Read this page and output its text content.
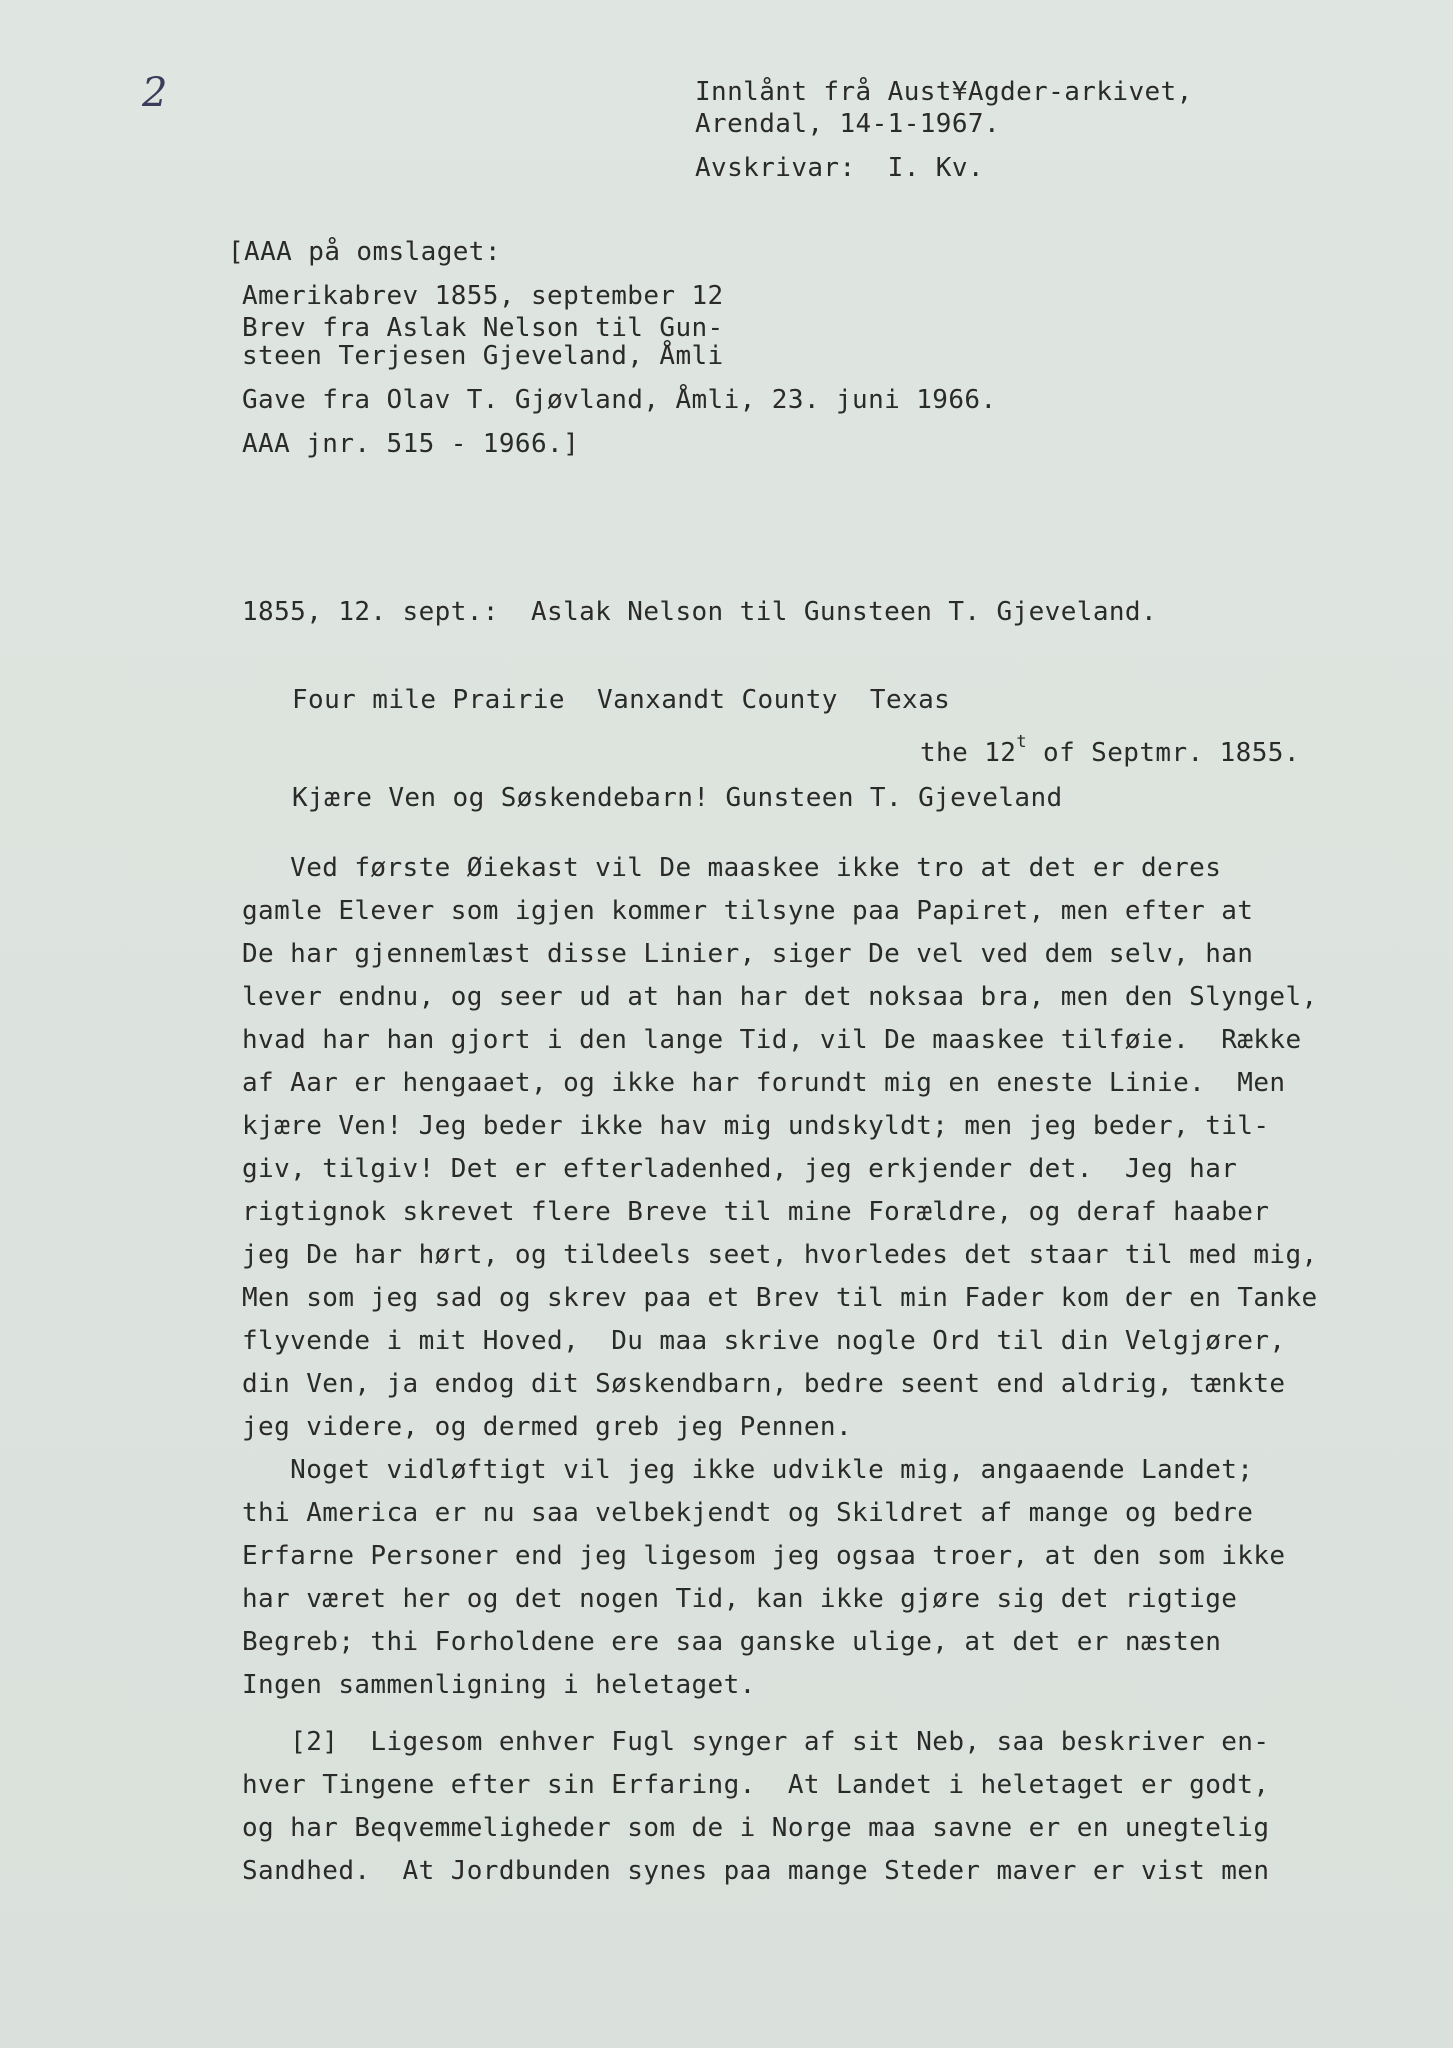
2	Innlånt frå Aust¥Agder-arkivet,
Arendal, 14-1-1967.
Avskrivar:  I. Kv.
[AAA på omslaget:
Amerikabrev 1855, september 12
Brev fra Aslak Nelson til Gun-
steen Terjesen Gjeveland, Åmli
Gave fra Olav T. Gjøvland, Åmli, 23. juni 1966.
AAA jnr. 515 - 1966.]
1855, 12. sept.:  Aslak Nelson til Gunsteen T. Gjeveland.
Four mile Prairie  Vanxandt County  Texas
the 12$^t$ of Septmr. 1855.
Kjære Ven og Søskendebarn! Gunsteen T. Gjeveland
Ved første Øiekast vil De maaskee ikke tro at det er deres
gamle Elever som igjen kommer tilsyne paa Papiret, men efter at
De har gjennemlæst disse Linier, siger De vel ved dem selv, han
lever endnu, og seer ud at han har det noksaa bra, men den Slyngel,
hvad har han gjort i den lange Tid, vil De maaskee tilføie.  Række
af Aar er hengaaet, og ikke har forundt mig en eneste Linie.  Men
kjære Ven! Jeg beder ikke hav mig undskyldt; men jeg beder, til-
giv, tilgiv! Det er efterladenhed, jeg erkjender det.  Jeg har
rigtignok skrevet flere Breve til mine Forældre, og deraf haaber
jeg De har hørt, og tildeels seet, hvorledes det staar til med mig,
Men som jeg sad og skrev paa et Brev til min Fader kom der en Tanke
flyvende i mit Hoved,  Du maa skrive nogle Ord til din Velgjører,
din Ven, ja endog dit Søskendbarn, bedre seent end aldrig, tænkte
jeg videre, og dermed greb jeg Pennen.
Noget vidløftigt vil jeg ikke udvikle mig, angaaende Landet;
thi America er nu saa velbekjendt og Skildret af mange og bedre
Erfarne Personer end jeg ligesom jeg ogsaa troer, at den som ikke
har været her og det nogen Tid, kan ikke gjøre sig det rigtige
Begreb; thi Forholdene ere saa ganske ulige, at det er næsten
Ingen sammenligning i heletaget.
[2]  Ligesom enhver Fugl synger af sit Neb, saa beskriver en-
hver Tingene efter sin Erfaring.  At Landet i heletaget er godt,
og har Beqvemmeligheder som de i Norge maa savne er en unegtelig
Sandhed.  At Jordbunden synes paa mange Steder maver er vist men
